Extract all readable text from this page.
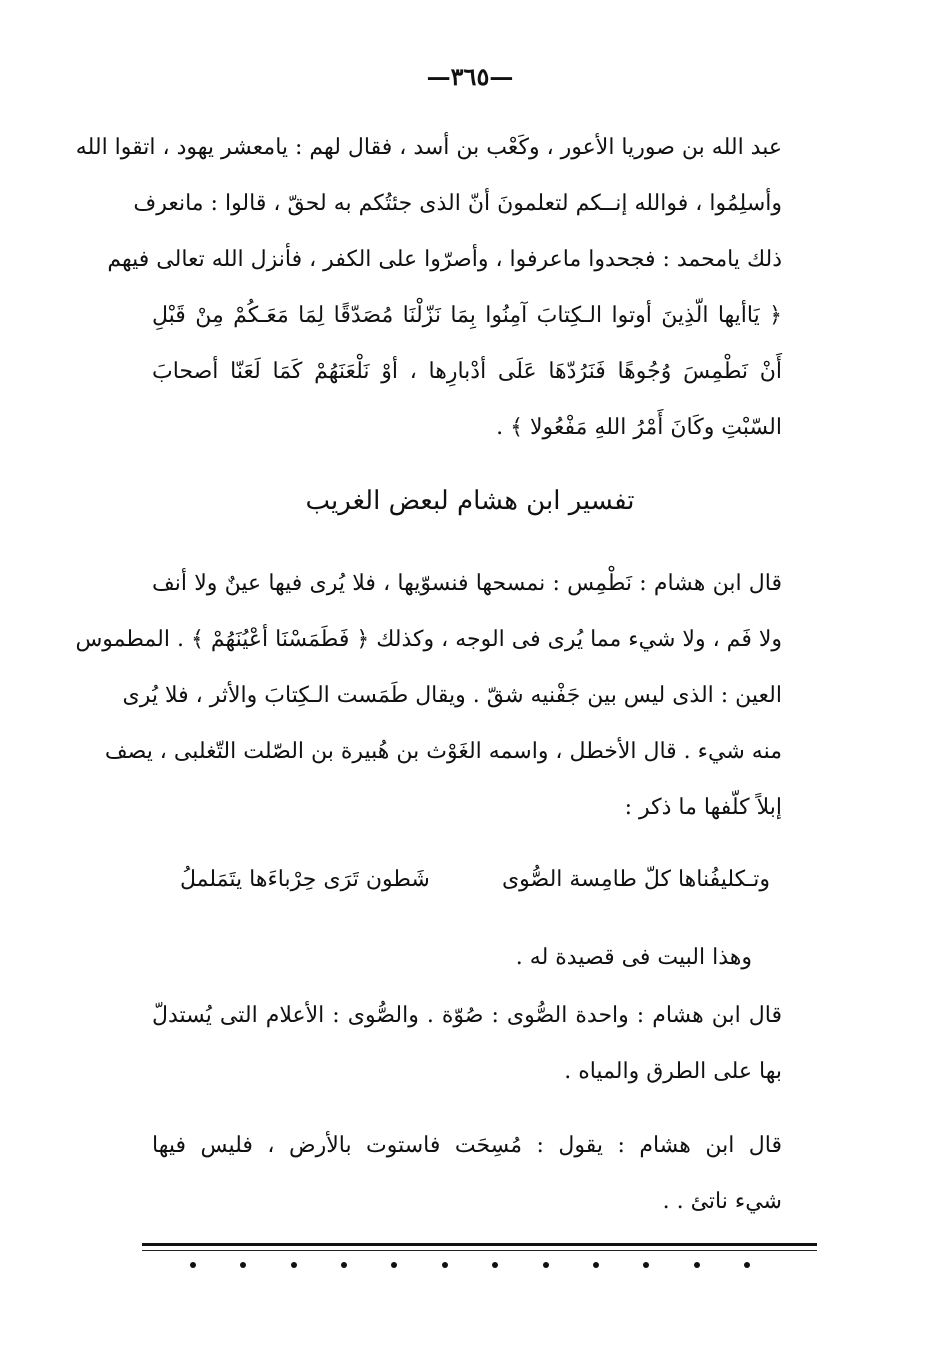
—٣٦٥—
عبد الله بن صوريا الأعور ، وكَعْب بن أسد ، فقال لهم : يامعشر يهود ، اتقوا الله
وأسلِمُوا ، فوالله إنــكم لتعلمونَ أنّ الذى جئتُكم به لحقّ ، قالوا : مانعرف
ذلك يامحمد : فجحدوا ماعرفوا ، وأصرّوا على الكفر ، فأنزل الله تعالى فيهم
﴿ يَاأيها الّذِينَ أوتوا الـكِتابَ آمِنُوا بِمَا نَزّلْنَا مُصَدّقًا لِمَا مَعَـكُمْ مِنْ قَبْلِ
أَنْ نَطْمِسَ وُجُوهًا فَنَرُدّهَا عَلَى أدْبارِها ، أوْ نَلْعَنَهُمْ كَمَا لَعَنّا أصحابَ
السّبْتِ وكَانَ أَمْرُ اللهِ مَفْعُولا ﴾ .
تفسير ابن هشام لبعض الغريب
قال ابن هشام : نَطْمِس : نمسحها فنسوّيها ، فلا يُرى فيها عينٌ ولا أنف
ولا فَم ، ولا شيء مما يُرى فى الوجه ، وكذلك ﴿ فَطَمَسْنَا أعْيُنَهُمْ ﴾ . المطموس
العين : الذى ليس بين جَفْنيه شقّ . ويقال طَمَست الـكِتابَ والأثر ، فلا يُرى
منه شيء . قال الأخطل ، واسمه الغَوْث بن هُبيرة بن الصّلت التّغلبى ، يصف
إبلاً كلّفها ما ذكر :
وتـكليفُناها كلّ طامِسة الصُّوى
شَطون تَرَى حِرْباءَها يتَمَلملُ
وهذا البيت فى قصيدة له .
قال ابن هشام : واحدة الصُّوى : صُوّة . والصُّوى : الأعلام التى يُستدلّ
بها على الطرق والمياه .
قال ابن هشام : يقول : مُسِحَت فاستوت بالأرض ، فليس فيها
شيء ناتئ . .
